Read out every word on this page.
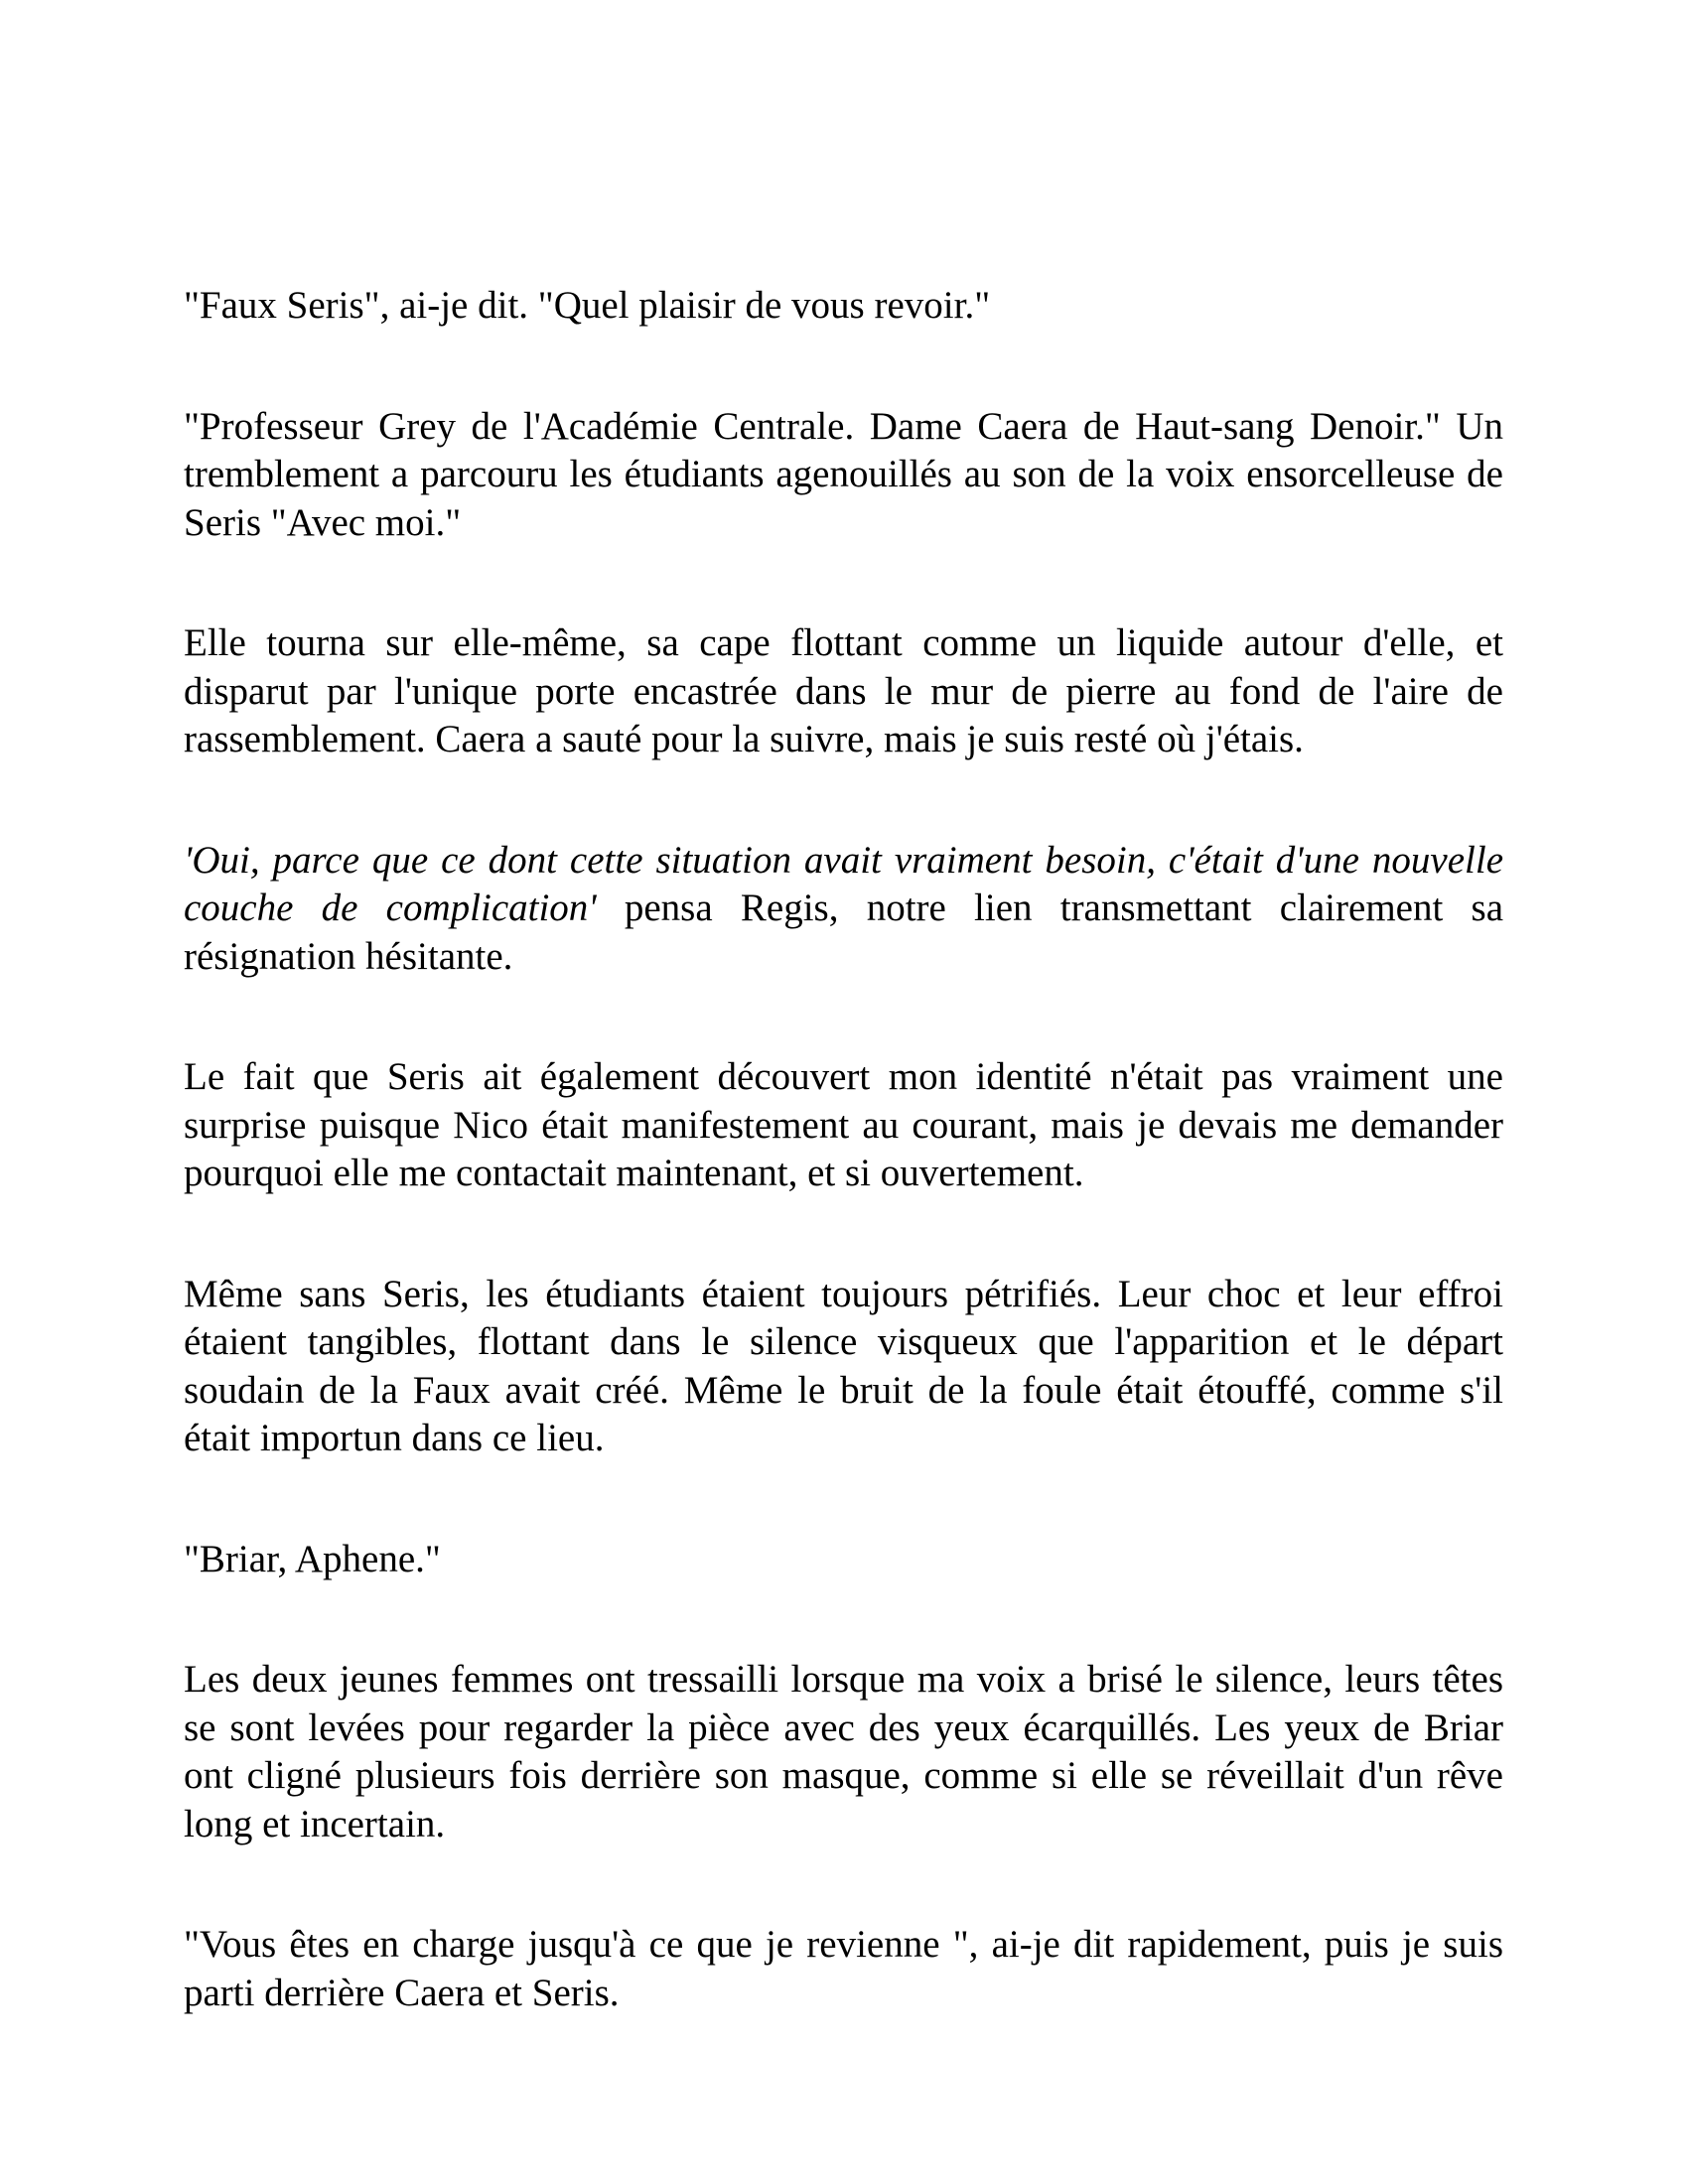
"Faux Seris", ai-je dit. "Quel plaisir de vous revoir."

"Professeur Grey de l'Académie Centrale. Dame Caera de Haut-sang Denoir." Un tremblement a parcouru les étudiants agenouillés au son de la voix ensorcelleuse de Seris "Avec moi."

Elle tourna sur elle-même, sa cape flottant comme un liquide autour d'elle, et disparut par l'unique porte encastrée dans le mur de pierre au fond de l'aire de rassemblement. Caera a sauté pour la suivre, mais je suis resté où j'étais.

'Oui, parce que ce dont cette situation avait vraiment besoin, c'était d'une nouvelle couche de complication' pensa Regis, notre lien transmettant clairement sa résignation hésitante.

Le fait que Seris ait également découvert mon identité n'était pas vraiment une surprise puisque Nico était manifestement au courant, mais je devais me demander pourquoi elle me contactait maintenant, et si ouvertement.

Même sans Seris, les étudiants étaient toujours pétrifiés. Leur choc et leur effroi étaient tangibles, flottant dans le silence visqueux que l'apparition et le départ soudain de la Faux avait créé. Même le bruit de la foule était étouffé, comme s'il était importun dans ce lieu.

"Briar, Aphene."

Les deux jeunes femmes ont tressailli lorsque ma voix a brisé le silence, leurs têtes se sont levées pour regarder la pièce avec des yeux écarquillés. Les yeux de Briar ont cligné plusieurs fois derrière son masque, comme si elle se réveillait d'un rêve long et incertain.

"Vous êtes en charge jusqu'à ce que je revienne ", ai-je dit rapidement, puis je suis parti derrière Caera et Seris.
